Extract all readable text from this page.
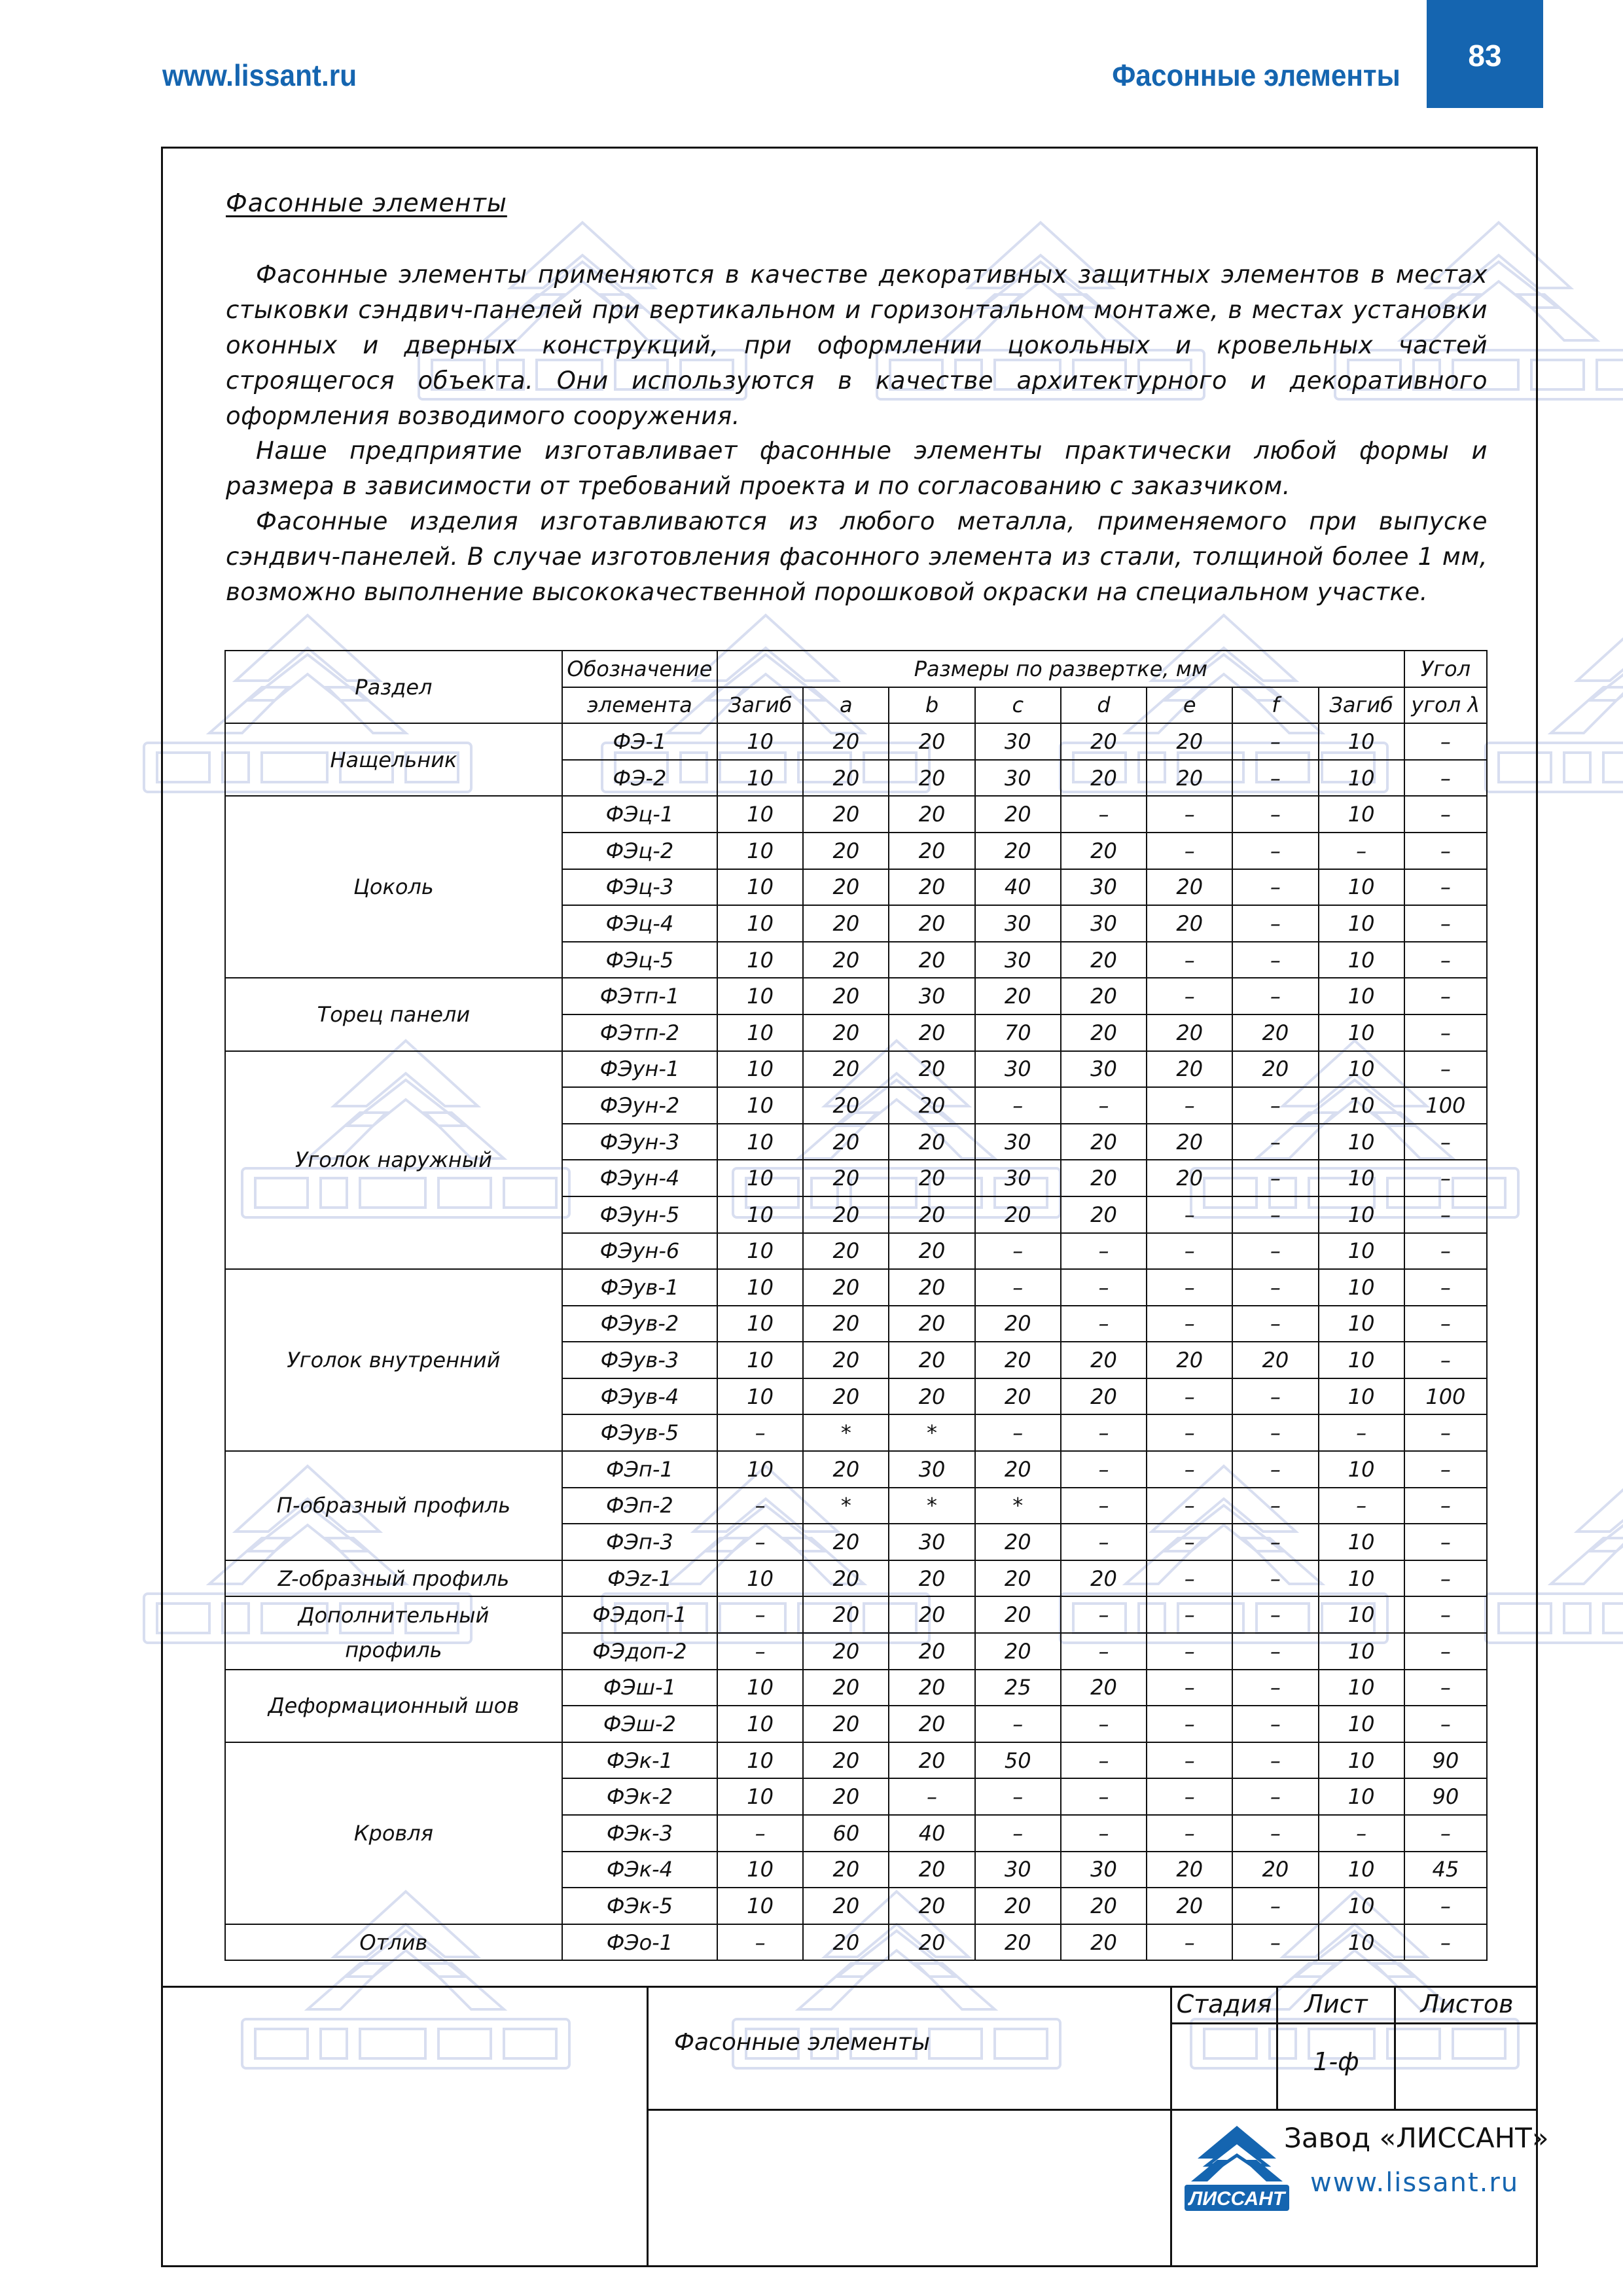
www.lissant.ru	Фасонные элементы
83
Фасонные элементы

Фасонные элементы применяются в качестве декоративных защитных элементов в местах стыковки сэндвич-панелей при вертикальном и горизонтальном монтаже, в местах установки оконных и дверных конструкций, при оформлении цокольных и кровельных частей строящегося объекта. Они используются в качестве архитектурного и декоративного оформления возводимого сооружения.

Наше предприятие изготавливает фасонные элементы практически любой формы и размера в зависимости от требований проекта и по согласованию с заказчиком.

Фасонные изделия изготавливаются из любого металла, применяемого при выпуске сэндвич-панелей. В случае изготовления фасонного элемента из стали, толщиной более 1 мм, возможно выполнение высококачественной порошковой окраски на специальном участке.

Раздел	Обозначение	Размеры по развертке, мм								Угол
	элемента	Загиб	a	b	c	d	e	f	Загиб	угол λ
Нащельник	ФЭ-1	10	20	20	30	20	20	–	10	–
	ФЭ-2	10	20	20	30	20	20	–	10	–
Цоколь	ФЭц-1	10	20	20	20	–	–	–	10	–
	ФЭц-2	10	20	20	20	20	–	–	–	–
	ФЭц-3	10	20	20	40	30	20	–	10	–
	ФЭц-4	10	20	20	30	30	20	–	10	–
	ФЭц-5	10	20	20	30	20	–	–	10	–
Торец панели	ФЭтп-1	10	20	30	20	20	–	–	10	–
	ФЭтп-2	10	20	20	70	20	20	20	10	–
Уголок наружный	ФЭун-1	10	20	20	30	30	20	20	10	–
	ФЭун-2	10	20	20	–	–	–	–	10	100
	ФЭун-3	10	20	20	30	20	20	–	10	–
	ФЭун-4	10	20	20	30	20	20	–	10	–
	ФЭун-5	10	20	20	20	20	–	–	10	–
	ФЭун-6	10	20	20	–	–	–	–	10	–
Уголок внутренний	ФЭув-1	10	20	20	–	–	–	–	10	–
	ФЭув-2	10	20	20	20	–	–	–	10	–
	ФЭув-3	10	20	20	20	20	20	20	10	–
	ФЭув-4	10	20	20	20	20	–	–	10	100
	ФЭув-5	–	*	*	–	–	–	–	–	–
П-образный профиль	ФЭп-1	10	20	30	20	–	–	–	10	–
	ФЭп-2	–	*	*	*	–	–	–	–	–
	ФЭп-3	–	20	30	20	–	–	–	10	–
Z-образный профиль	ФЭz-1	10	20	20	20	20	–	–	10	–

Дополнительный
профиль	ФЭдоп-1	–	20	20	20	–	–	–	10	–
	ФЭдоп-2	–	20	20	20	–	–	–	10	–
Деформационный шов	ФЭш-1	10	20	20	25	20	–	–	10	–
	ФЭш-2	10	20	20	–	–	–	–	10	–
Кровля	ФЭк-1	10	20	20	50	–	–	–	10	90
	ФЭк-2	10	20	–	–	–	–	–	10	90
	ФЭк-3	–	60	40	–	–	–	–	–	–
	ФЭк-4	10	20	20	30	30	20	20	10	45
	ФЭк-5	10	20	20	20	20	20	–	10	–
Отлив	ФЭо-1	–	20	20	20	20	–	–	10	–
Фасонные элементы
Стадия	Лист	Листов
1-ф
Завод «ЛИССАНТ»
www.lissant.ru
ЛИССАНТ
